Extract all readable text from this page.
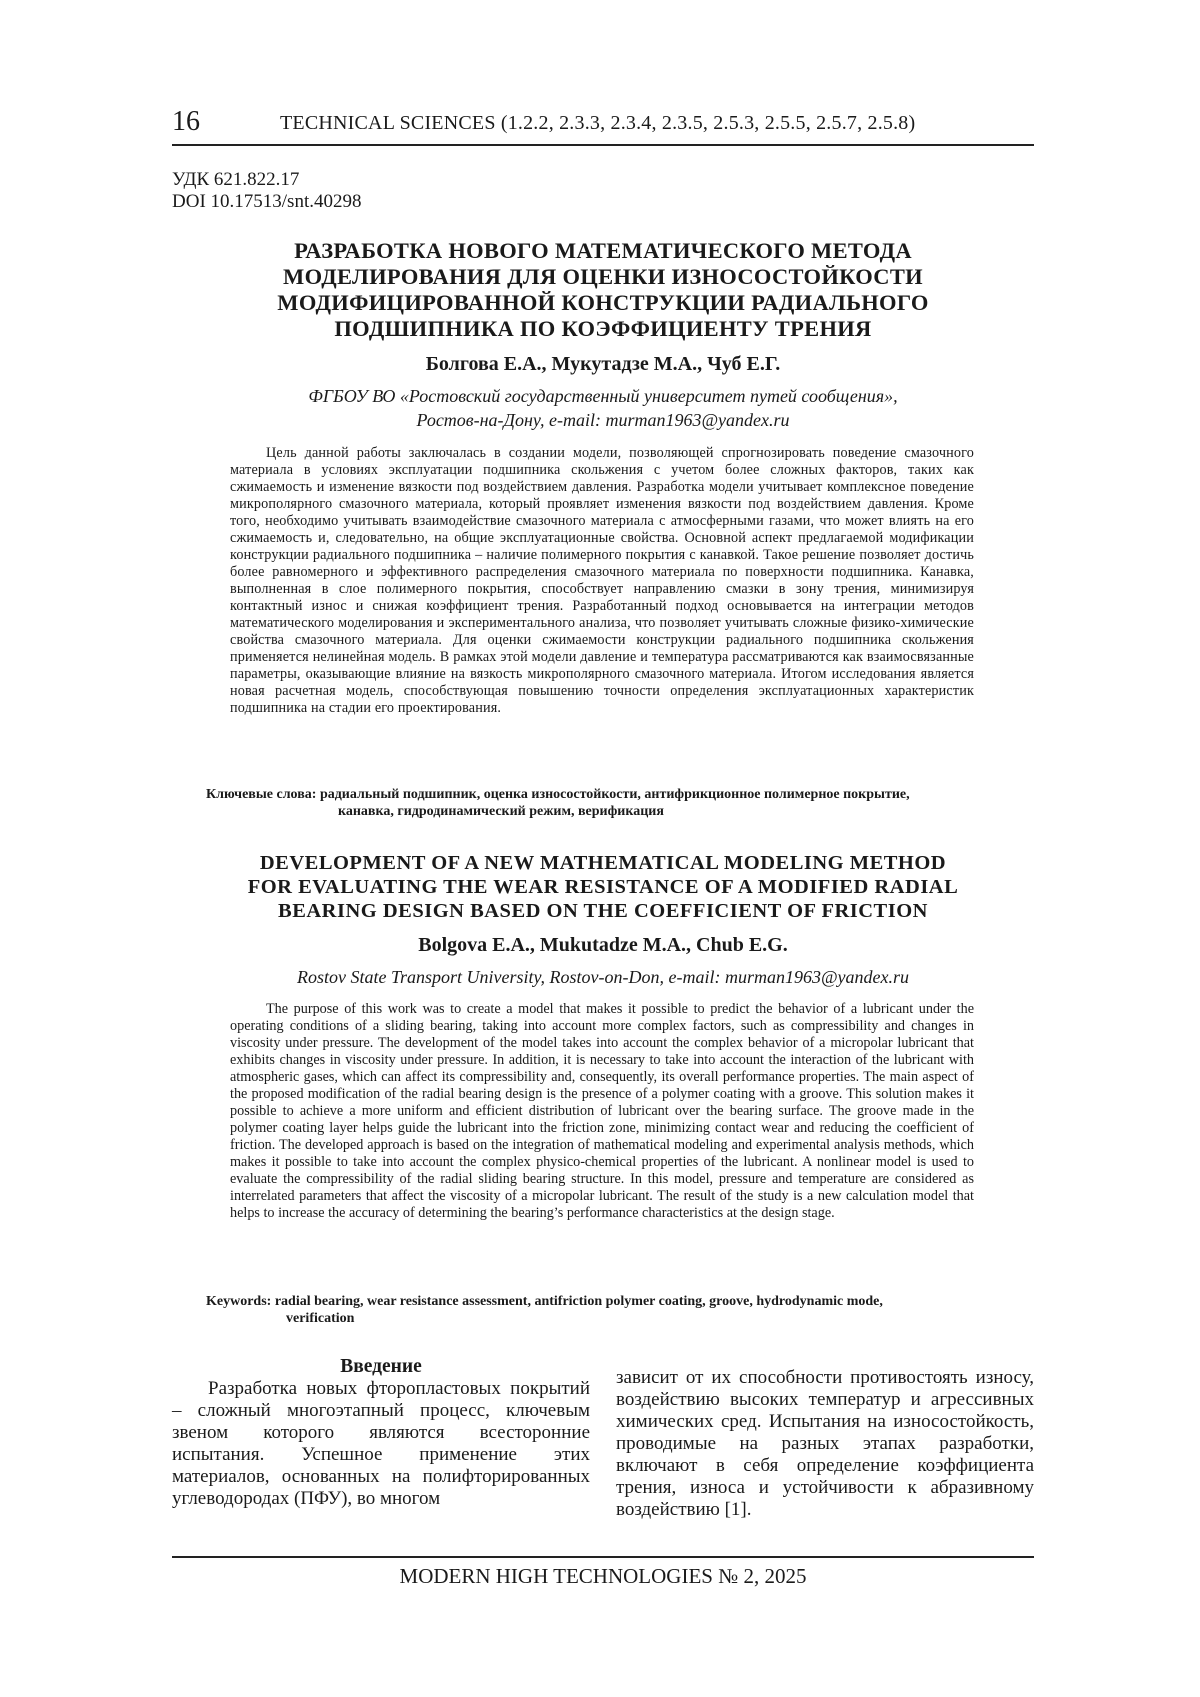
16	TECHNICAL SCIENCES (1.2.2, 2.3.3, 2.3.4, 2.3.5, 2.5.3, 2.5.5, 2.5.7, 2.5.8)
УДК 621.822.17
DOI 10.17513/snt.40298
РАЗРАБОТКА НОВОГО МАТЕМАТИЧЕСКОГО МЕТОДА
МОДЕЛИРОВАНИЯ ДЛЯ ОЦЕНКИ ИЗНОСОСТОЙКОСТИ
МОДИФИЦИРОВАННОЙ КОНСТРУКЦИИ РАДИАЛЬНОГО
ПОДШИПНИКА ПО КОЭФФИЦИЕНТУ ТРЕНИЯ
Болгова Е.А., Мукутадзе М.А., Чуб Е.Г.
ФГБОУ ВО «Ростовский государственный университет путей сообщения»,
Ростов-на-Дону, e-mail: murman1963@yandex.ru

Цель данной работы заключалась в создании модели, позволяющей спрогнозировать поведение смазочного материала в условиях эксплуатации подшипника скольжения с учетом более сложных факторов, таких как сжимаемость и изменение вязкости под воздействием давления. Разработка модели учитывает комплексное поведение микрополярного смазочного материала, который проявляет изменения вязкости под воздействием давления. Кроме того, необходимо учитывать взаимодействие смазочного материала с атмосферными газами, что может влиять на его сжимаемость и, следовательно, на общие эксплуатационные свойства. Основной аспект предлагаемой модификации конструкции радиального подшипника – наличие полимерного покрытия с канавкой. Такое решение позволяет достичь более равномерного и эффективного распределения смазочного материала по поверхности подшипника. Канавка, выполненная в слое полимерного покрытия, способствует направлению смазки в зону трения, минимизируя контактный износ и снижая коэффициент трения. Разработанный подход основывается на интеграции методов математического моделирования и экспериментального анализа, что позволяет учитывать сложные физико-химические свойства смазочного материала. Для оценки сжимаемости конструкции радиального подшипника скольжения применяется нелинейная модель. В рамках этой модели давление и температура рассматриваются как взаимосвязанные параметры, оказывающие влияние на вязкость микрополярного смазочного материала. Итогом исследования является новая расчетная модель, способствующая повышению точности определения эксплуатационных характеристик подшипника на стадии его проектирования.

Ключевые слова: радиальный подшипник, оценка износостойкости, антифрикционное полимерное покрытие,
канавка, гидродинамический режим, верификация
DEVELOPMENT OF A NEW MATHEMATICAL MODELING METHOD
FOR EVALUATING THE WEAR RESISTANCE OF A MODIFIED RADIAL
BEARING DESIGN BASED ON THE COEFFICIENT OF FRICTION
Bolgova E.A., Mukutadze M.A., Chub E.G.
Rostov State Transport University, Rostov-on-Don, e-mail: murman1963@yandex.ru

The purpose of this work was to create a model that makes it possible to predict the behavior of a lubricant under the operating conditions of a sliding bearing, taking into account more complex factors, such as compressibility and changes in viscosity under pressure. The development of the model takes into account the complex behavior of a micropolar lubricant that exhibits changes in viscosity under pressure. In addition, it is necessary to take into account the interaction of the lubricant with atmospheric gases, which can affect its compressibility and, consequently, its overall performance properties. The main aspect of the proposed modification of the radial bearing design is the presence of a polymer coating with a groove. This solution makes it possible to achieve a more uniform and efficient distribution of lubricant over the bearing surface. The groove made in the polymer coating layer helps guide the lubricant into the friction zone, minimizing contact wear and reducing the coefficient of friction. The developed approach is based on the integration of mathematical modeling and experimental analysis methods, which makes it possible to take into account the complex physico-chemical properties of the lubricant. A nonlinear model is used to evaluate the compressibility of the radial sliding bearing structure. In this model, pressure and temperature are considered as interrelated parameters that affect the viscosity of a micropolar lubricant. The result of the study is a new calculation model that helps to increase the accuracy of determining the bearing’s performance characteristics at the design stage.

Keywords: radial bearing, wear resistance assessment, antifriction polymer coating, groove, hydrodynamic mode,
verification

Введение

Разработка новых фторопластовых покрытий – сложный многоэтапный процесс, ключевым звеном которого являются всесторонние испытания. Успешное применение этих материалов, основанных на полифторированных углеводородах (ПФУ), во многом

зависит от их способности противостоять износу, воздействию высоких температур и агрессивных химических сред. Испытания на износостойкость, проводимые на разных этапах разработки, включают в себя определение коэффициента трения, износа и устойчивости к абразивному воздействию [1].

MODERN HIGH TECHNOLOGIES № 2, 2025
